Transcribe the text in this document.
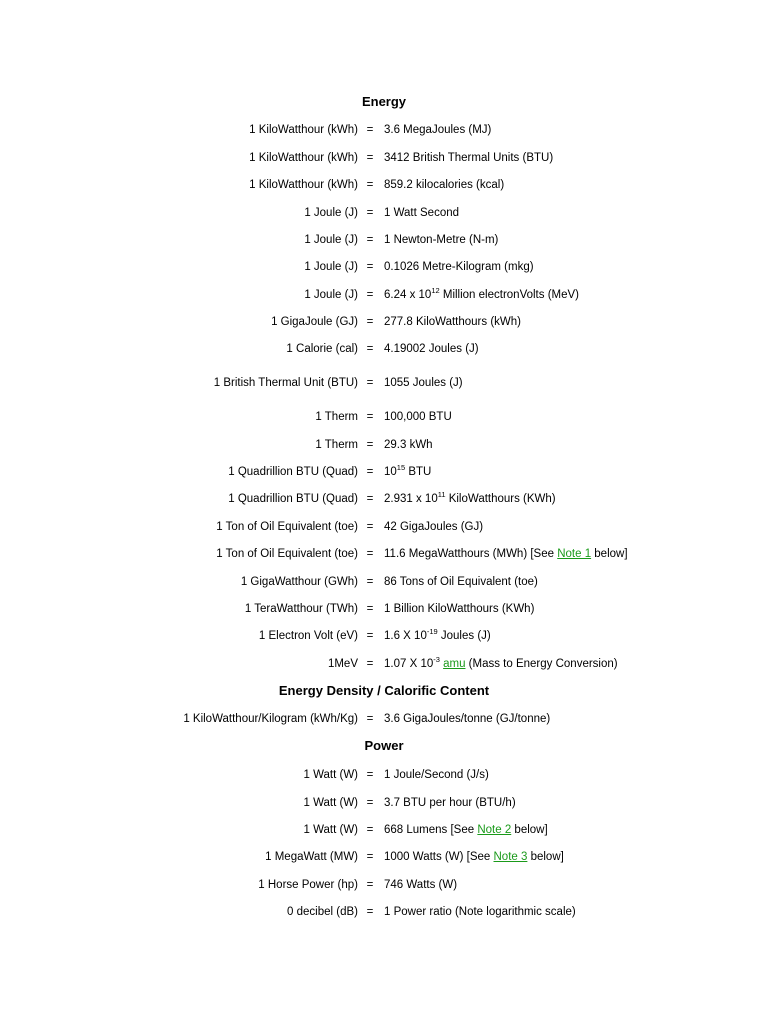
Energy
1 KiloWatthour (kWh) = 3.6 MegaJoules (MJ)
1 KiloWatthour (kWh) = 3412 British Thermal Units (BTU)
1 KiloWatthour (kWh) = 859.2 kilocalories (kcal)
1 Joule (J) = 1 Watt Second
1 Joule (J) = 1 Newton-Metre (N-m)
1 Joule (J) = 0.1026 Metre-Kilogram (mkg)
1 Joule (J) = 6.24 x $10^{12}$ Million electronVolts (MeV)
1 GigaJoule (GJ) = 277.8 KiloWatthours (kWh)
1 Calorie (cal) = 4.19002 Joules (J)
1 British Thermal Unit (BTU) = 1055 Joules (J)
1 Therm = 100,000 BTU
1 Therm = 29.3 kWh
1 Quadrillion BTU (Quad) = $10^{15}$ BTU
1 Quadrillion BTU (Quad) = 2.931 x $10^{11}$ KiloWatthours (KWh)
1 Ton of Oil Equivalent (toe) = 42 GigaJoules (GJ)
1 Ton of Oil Equivalent (toe) = 11.6 MegaWatthours (MWh) [See Note 1 below]
1 GigaWatthour (GWh) = 86 Tons of Oil Equivalent (toe)
1 TeraWatthour (TWh) = 1 Billion KiloWatthours (KWh)
1 Electron Volt (eV) = 1.6 X $10^{-19}$ Joules (J)
1MeV = 1.07 X $10^{-3}$ amu (Mass to Energy Conversion)
Energy Density / Calorific Content
1 KiloWatthour/Kilogram (kWh/Kg) = 3.6 GigaJoules/tonne (GJ/tonne)
Power
1 Watt (W) = 1 Joule/Second (J/s)
1 Watt (W) = 3.7 BTU per hour (BTU/h)
1 Watt (W) = 668 Lumens [See Note 2 below]
1 MegaWatt (MW) = 1000 Watts (W) [See Note 3 below]
1 Horse Power (hp) = 746 Watts (W)
0 decibel (dB) = 1 Power ratio (Note logarithmic scale)
